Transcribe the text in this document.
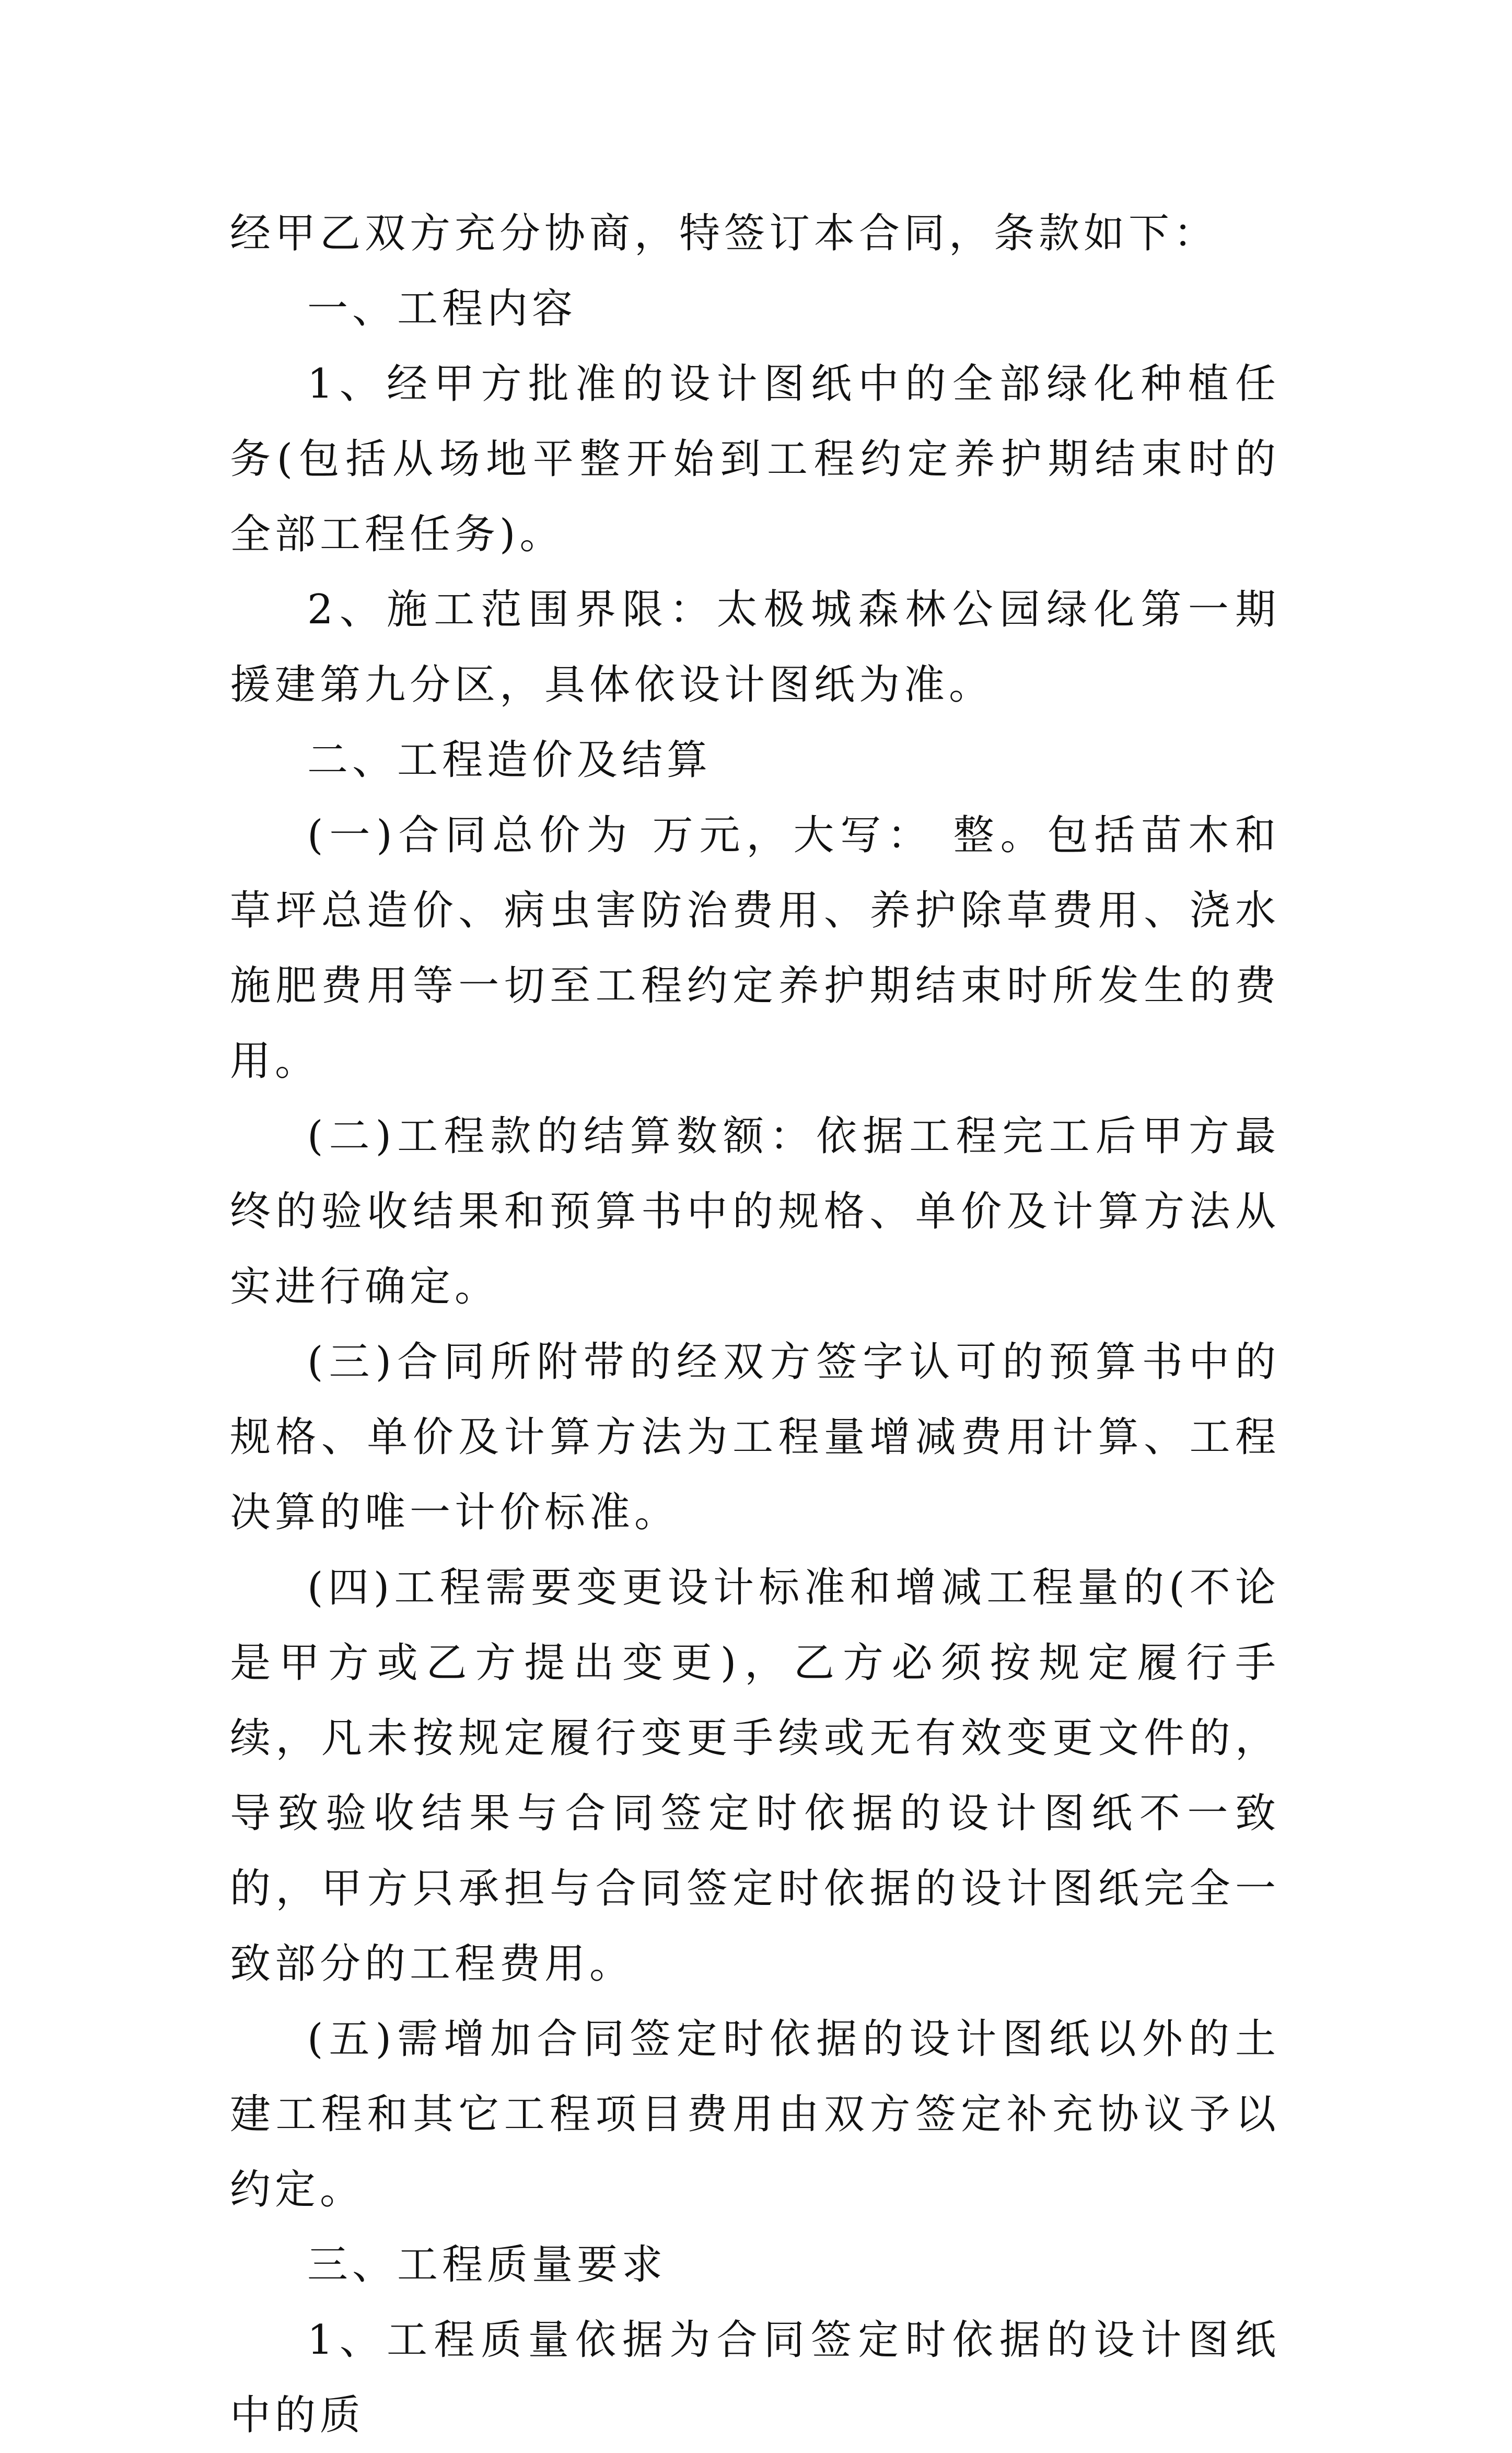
经甲乙双方充分协商，特签订本合同，条款如下：

一、工程内容

1、经甲方批准的设计图纸中的全部绿化种植任务(包括从场地平整开始到工程约定养护期结束时的全部工程任务)。

2、施工范围界限：太极城森林公园绿化第一期援建第九分区，具体依设计图纸为准。

二、工程造价及结算

(一)合同总价为 万元，大写： 整。包括苗木和草坪总造价、病虫害防治费用、养护除草费用、浇水施肥费用等一切至工程约定养护期结束时所发生的费用。

(二)工程款的结算数额：依据工程完工后甲方最终的验收结果和预算书中的规格、单价及计算方法从实进行确定。

(三)合同所附带的经双方签字认可的预算书中的规格、单价及计算方法为工程量增减费用计算、工程决算的唯一计价标准。

(四)工程需要变更设计标准和增减工程量的(不论是甲方或乙方提出变更)，乙方必须按规定履行手续，凡未按规定履行变更手续或无有效变更文件的，导致验收结果与合同签定时依据的设计图纸不一致的，甲方只承担与合同签定时依据的设计图纸完全一致部分的工程费用。

(五)需增加合同签定时依据的设计图纸以外的土建工程和其它工程项目费用由双方签定补充协议予以约定。

三、工程质量要求

1、工程质量依据为合同签定时依据的设计图纸中的质
